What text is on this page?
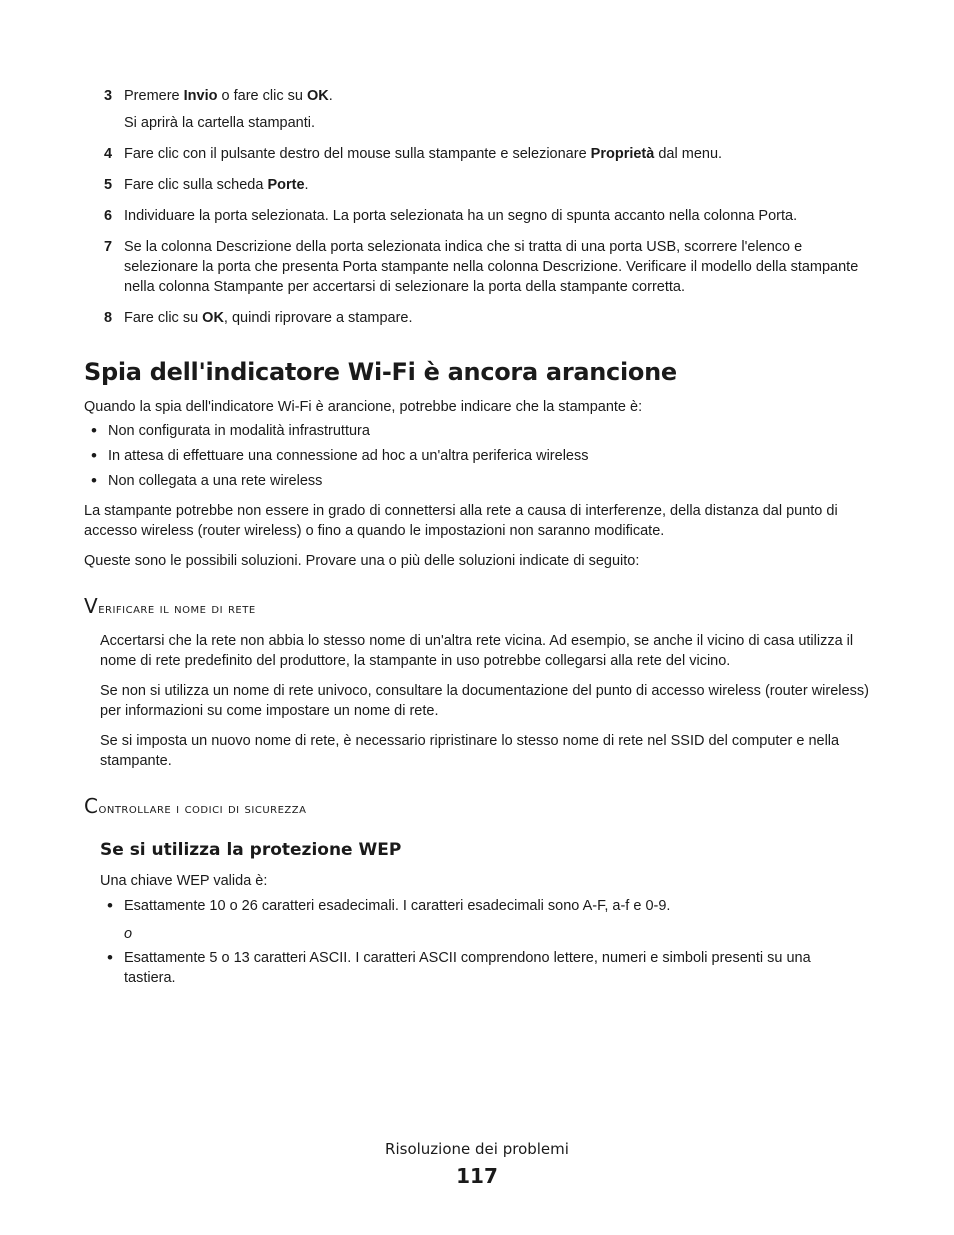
3 Premere Invio o fare clic su OK.
Si aprirà la cartella stampanti.
4 Fare clic con il pulsante destro del mouse sulla stampante e selezionare Proprietà dal menu.
5 Fare clic sulla scheda Porte.
6 Individuare la porta selezionata. La porta selezionata ha un segno di spunta accanto nella colonna Porta.
7 Se la colonna Descrizione della porta selezionata indica che si tratta di una porta USB, scorrere l'elenco e selezionare la porta che presenta Porta stampante nella colonna Descrizione. Verificare il modello della stampante nella colonna Stampante per accertarsi di selezionare la porta della stampante corretta.
8 Fare clic su OK, quindi riprovare a stampare.
Spia dell'indicatore Wi-Fi è ancora arancione

Quando la spia dell'indicatore Wi-Fi è arancione, potrebbe indicare che la stampante è:

• Non configurata in modalità infrastruttura
• In attesa di effettuare una connessione ad hoc a un'altra periferica wireless
• Non collegata a una rete wireless

La stampante potrebbe non essere in grado di connettersi alla rete a causa di interferenze, della distanza dal punto di accesso wireless (router wireless) o fino a quando le impostazioni non saranno modificate.

Queste sono le possibili soluzioni. Provare una o più delle soluzioni indicate di seguito:

Verificare il nome di rete

Accertarsi che la rete non abbia lo stesso nome di un'altra rete vicina. Ad esempio, se anche il vicino di casa utilizza il nome di rete predefinito del produttore, la stampante in uso potrebbe collegarsi alla rete del vicino.

Se non si utilizza un nome di rete univoco, consultare la documentazione del punto di accesso wireless (router wireless) per informazioni su come impostare un nome di rete.

Se si imposta un nuovo nome di rete, è necessario ripristinare lo stesso nome di rete nel SSID del computer e nella stampante.

Controllare i codici di sicurezza
Se si utilizza la protezione WEP

Una chiave WEP valida è:

• Esattamente 10 o 26 caratteri esadecimali. I caratteri esadecimali sono A-F, a-f e 0-9.
o
• Esattamente 5 o 13 caratteri ASCII. I caratteri ASCII comprendono lettere, numeri e simboli presenti su una tastiera.
Risoluzione dei problemi
117
